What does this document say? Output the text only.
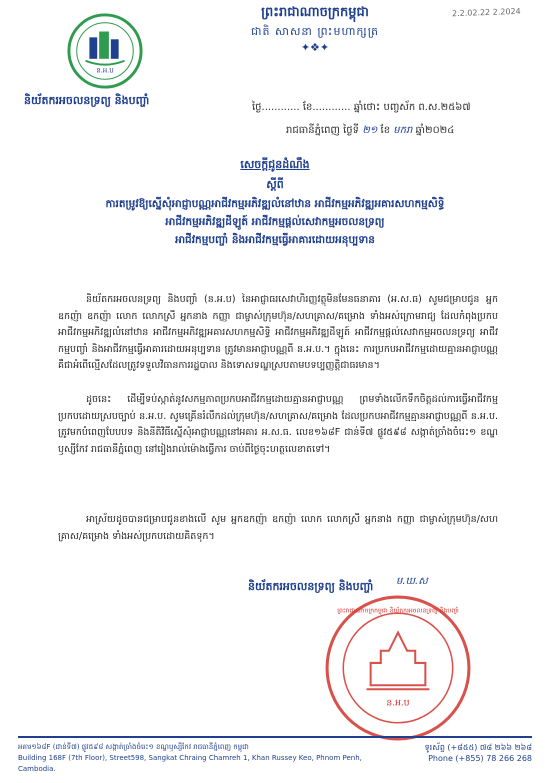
ន.អ.ប
ព្រះរាជាណាចក្រកម្ពុជា
ជាតិ សាសនា ព្រះមហាក្សត្រ
✦❖✦
2.2.02.22 2.2024
និយ័តករអចលនទ្រព្យ និងបញ្ចាំ
ថ្ងៃ............ ខែ............ ឆ្នាំថោះ បញ្ចស័ក ព.ស.២៥៦៧
រាជធានីភ្នំពេញ ថ្ងៃទី ២១ ខែ មករា ឆ្នាំ២០២៤
សេចក្តីជូនដំណឹង
ស្តីពី
ការតម្រូវឱ្យស្នើសុំអាជ្ញាបណ្ណអាជីវកម្មអភិវឌ្ឍលំនៅឋាន អាជីវកម្មអភិវឌ្ឍអគារសហកម្មសិទ្ធិ
អាជីវកម្មអភិវឌ្ឍដីឡូត៍ អាជីវកម្មផ្តល់សេវាកម្មអចលនទ្រព្យ
អាជីវកម្មបញ្ចាំ និងអាជីវកម្មធ្វើអាគារដោយអនុប្បទាន
និយ័តករអចលនទ្រព្យ និងបញ្ចាំ (ន.អ.ប) នៃអាជ្ញាធរសេវាហិរញ្ញវត្ថុមិនមែនធនាគារ (អ.ស.ធ) សូមជម្រាបជូន អ្នកឧកញ៉ា ឧកញ៉ា លោក លោកស្រី អ្នកនាង កញ្ញា ជាម្ចាស់ក្រុមហ៊ុន/សហគ្រាស/គម្រោង ទាំងអស់ក្រោមរាជ្យ ដែលកំពុងប្រកបអាជីវកម្មអភិវឌ្ឍលំនៅឋាន អាជីវកម្មអភិវឌ្ឍអគារសហកម្មសិទ្ធិ អាជីវកម្មអភិវឌ្ឍដីឡូត៍ អាជីវកម្មផ្តល់សេវាកម្មអចលនទ្រព្យ អាជីវកម្មបញ្ចាំ និងអាជីវកម្មធ្វើអាគារដោយអនុប្បទាន ត្រូវមានអាជ្ញាបណ្ណពី ន.អ.ប.។ ក្នុងនេះ ការប្រកបអាជីវកម្មដោយគ្មានអាជ្ញាបណ្ណគឺជាអំពើល្មើសដែលត្រូវទទួលវិធានការរដ្ឋបាល និងទោសទណ្ឌស្របតាមបទប្បញ្ញត្តិជាធរមាន។
ដូចនេះ ដើម្បីទប់ស្កាត់នូវសកម្មភាពប្រកបអាជីវកម្មដោយគ្មានអាជ្ញាបណ្ណ ព្រមទាំងលើកទឹកចិត្តដល់ការធ្វើអាជីវកម្មប្រកបដោយស្របច្បាប់ ន.អ.ប. សូមគ្រើនរំលឹកដល់ក្រុមហ៊ុន/សហគ្រាស/គម្រោង ដែលប្រកបអាជីវកម្មគ្មានអាជ្ញាបណ្ណពី ន.អ.ប. ត្រូវមកបំពេញបែបបទ និងនីតិវិធីស្នើសុំអាជ្ញាបណ្ណនៅអគារ អ.ស.ធ. លេខ១៦៨F ជាន់ទី៧ ផ្លូវ៥៩៨ សង្កាត់ច្រាំងចំរេះ១ ខណ្ឌឫស្សីកែវ រាជធានីភ្នំពេញ នៅរៀងរាល់ម៉ោងធ្វើការ ចាប់ពីថ្ងៃចុះហត្ថលេខាតទៅ។
អាស្រ័យដូចបានជម្រាបជូនខាងលើ សូម អ្នកឧកញ៉ា ឧកញ៉ា លោក លោកស្រី អ្នកនាង កញ្ញា ជាម្ចាស់ក្រុមហ៊ុន/សហគ្រាស/គម្រោង ទាំងអស់ប្រកបដោយគិតទុក។
និយ័តករអចលនទ្រព្យ និងបញ្ចាំ ម.ឃ.ស
ន.អ.ប
ព្រះរាជាណាចក្រកម្ពុជា និយ័តករអចលនទ្រព្យ និងបញ្ចាំ
អគារ១៦៨F (ជាន់ទី៧) ផ្លូវ៥៩៨ សង្កាត់ច្រាំងចំរេះ១ ខណ្ឌឫស្សីកែវ រាជធានីភ្នំពេញ កម្ពុជា
Building 168F (7th Floor), Street598, Sangkat Chraing Chamreh 1, Khan Russey Keo, Phnom Penh, Cambodia.
ទូរស័ព្ទ (+៨៥៥) ៧៨ ២៦៦ ២៦៨
Phone (+855) 78 266 268
